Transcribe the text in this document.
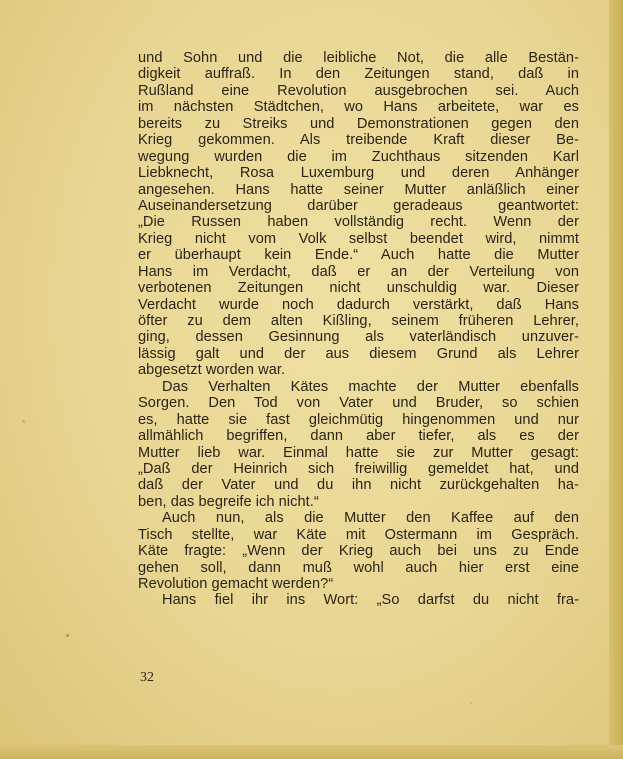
und Sohn und die leibliche Not, die alle Bestän-
digkeit auffraß. In den Zeitungen stand, daß in
Rußland eine Revolution ausgebrochen sei. Auch
im nächsten Städtchen, wo Hans arbeitete, war es
bereits zu Streiks und Demonstrationen gegen den
Krieg gekommen. Als treibende Kraft dieser Be-
wegung wurden die im Zuchthaus sitzenden Karl
Liebknecht, Rosa Luxemburg und deren Anhänger
angesehen. Hans hatte seiner Mutter anläßlich einer
Auseinandersetzung darüber geradeaus geantwortet:
„Die Russen haben vollständig recht. Wenn der
Krieg nicht vom Volk selbst beendet wird, nimmt
er überhaupt kein Ende.“ Auch hatte die Mutter
Hans im Verdacht, daß er an der Verteilung von
verbotenen Zeitungen nicht unschuldig war. Dieser
Verdacht wurde noch dadurch verstärkt, daß Hans
öfter zu dem alten Kißling, seinem früheren Lehrer,
ging, dessen Gesinnung als vaterländisch unzuver-
lässig galt und der aus diesem Grund als Lehrer
abgesetzt worden war.
Das Verhalten Kätes machte der Mutter ebenfalls
Sorgen. Den Tod von Vater und Bruder, so schien
es, hatte sie fast gleichmütig hingenommen und nur
allmählich begriffen, dann aber tiefer, als es der
Mutter lieb war. Einmal hatte sie zur Mutter gesagt:
„Daß der Heinrich sich freiwillig gemeldet hat, und
daß der Vater und du ihn nicht zurückgehalten ha-
ben, das begreife ich nicht.“
Auch nun, als die Mutter den Kaffee auf den
Tisch stellte, war Käte mit Ostermann im Gespräch.
Käte fragte: „Wenn der Krieg auch bei uns zu Ende
gehen soll, dann muß wohl auch hier erst eine
Revolution gemacht werden?“
Hans fiel ihr ins Wort: „So darfst du nicht fra-
32
